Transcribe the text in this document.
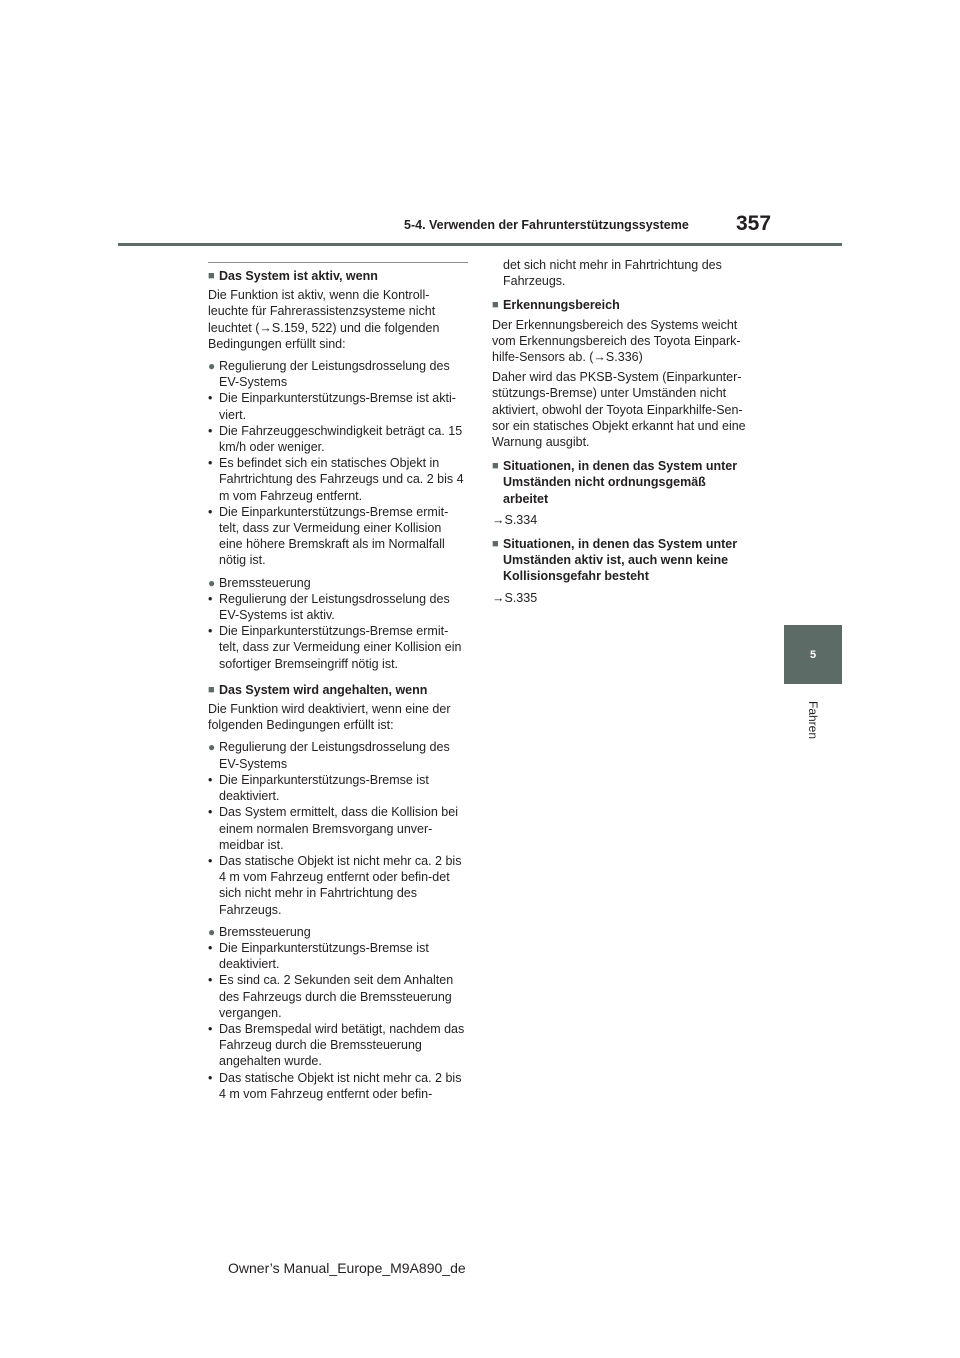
5-4. Verwenden der Fahrunterstützungssysteme	357
5
Fahren
■ Das System ist aktiv, wenn

Die Funktion ist aktiv, wenn die Kontroll-leuchte für Fahrerassistenzsysteme nicht leuchtet (→S.159, 522) und die folgenden Bedingungen erfüllt sind:

● Regulierung der Leistungsdrosselung des EV-Systems
• Die Einparkunterstützungs-Bremse ist akti-viert.
• Die Fahrzeuggeschwindigkeit beträgt ca. 15 km/h oder weniger.
• Es befindet sich ein statisches Objekt in Fahrtrichtung des Fahrzeugs und ca. 2 bis 4 m vom Fahrzeug entfernt.
• Die Einparkunterstützungs-Bremse ermit-telt, dass zur Vermeidung einer Kollision eine höhere Bremskraft als im Normalfall nötig ist.
● Bremssteuerung
• Regulierung der Leistungsdrosselung des EV-Systems ist aktiv.
• Die Einparkunterstützungs-Bremse ermit-telt, dass zur Vermeidung einer Kollision ein sofortiger Bremseingriff nötig ist.
■ Das System wird angehalten, wenn

Die Funktion wird deaktiviert, wenn eine der folgenden Bedingungen erfüllt ist:

● Regulierung der Leistungsdrosselung des EV-Systems
• Die Einparkunterstützungs-Bremse ist deaktiviert.
• Das System ermittelt, dass die Kollision bei einem normalen Bremsvorgang unver-meidbar ist.
• Das statische Objekt ist nicht mehr ca. 2 bis 4 m vom Fahrzeug entfernt oder befin-det sich nicht mehr in Fahrtrichtung des Fahrzeugs.
● Bremssteuerung
• Die Einparkunterstützungs-Bremse ist deaktiviert.
• Es sind ca. 2 Sekunden seit dem Anhalten des Fahrzeugs durch die Bremssteuerung vergangen.
• Das Bremspedal wird betätigt, nachdem das Fahrzeug durch die Bremssteuerung angehalten wurde.
• Das statische Objekt ist nicht mehr ca. 2 bis 4 m vom Fahrzeug entfernt oder befin-

det sich nicht mehr in Fahrtrichtung des Fahrzeugs.

■ Erkennungsbereich

Der Erkennungsbereich des Systems weicht vom Erkennungsbereich des Toyota Einpark-hilfe-Sensors ab. (→S.336)

Daher wird das PKSB-System (Einparkunter-stützungs-Bremse) unter Umständen nicht aktiviert, obwohl der Toyota Einparkhilfe-Sen-sor ein statisches Objekt erkannt hat und eine Warnung ausgibt.

■ Situationen, in denen das System unter Umständen nicht ordnungsgemäß arbeitet

→S.334

■ Situationen, in denen das System unter Umständen aktiv ist, auch wenn keine Kollisionsgefahr besteht

→S.335

Owner’s Manual_Europe_M9A890_de
